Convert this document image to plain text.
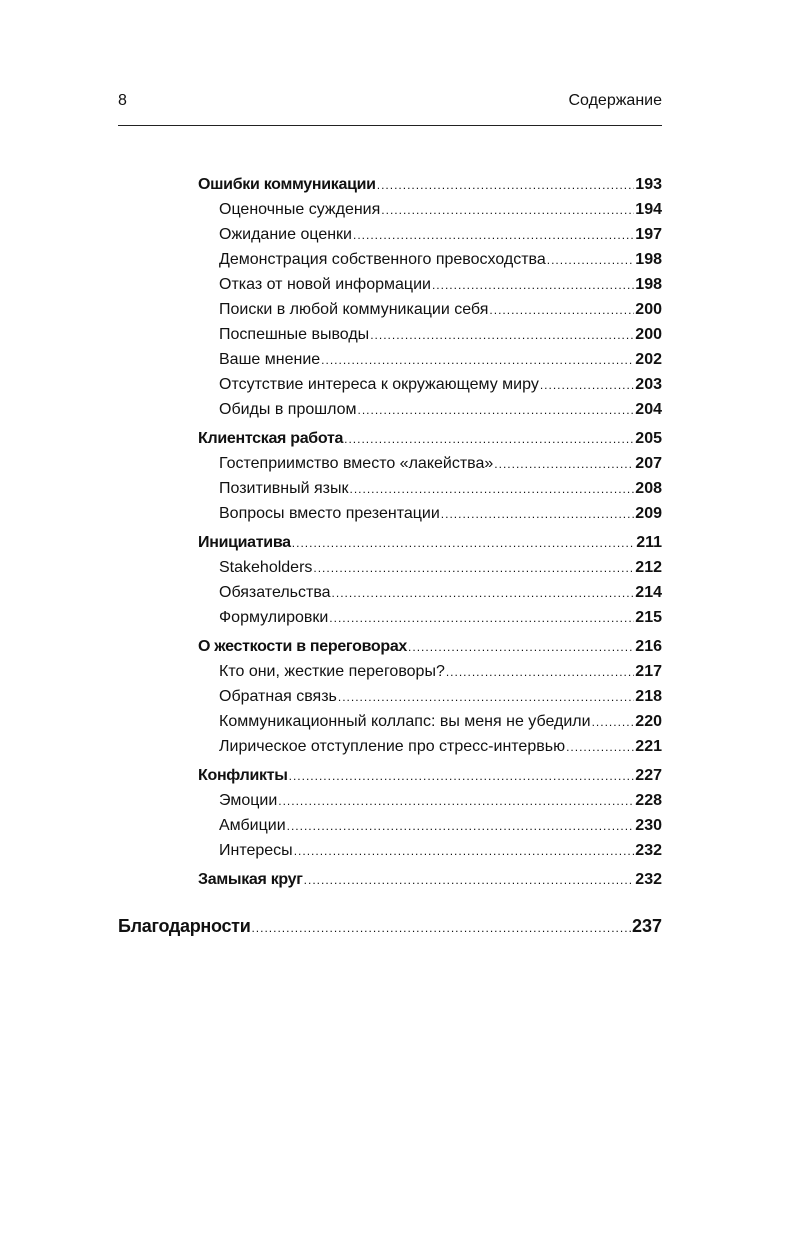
8	Содержание
Ошибки коммуникации .....	193
Оценочные суждения .....	194
Ожидание оценки .....	197
Демонстрация собственного превосходства .....	198
Отказ от новой информации .....	198
Поиски в любой коммуникации себя .....	200
Поспешные выводы .....	200
Ваше мнение .....	202
Отсутствие интереса к окружающему миру .....	203
Обиды в прошлом .....	204
Клиентская работа .....	205
Гостеприимство вместо «лакейства» .....	207
Позитивный язык .....	208
Вопросы вместо презентации .....	209
Инициатива .....	211
Stakeholders .....	212
Обязательства .....	214
Формулировки .....	215
О жесткости в переговорах .....	216
Кто они, жесткие переговоры? .....	217
Обратная связь .....	218
Коммуникационный коллапс: вы меня не убедили .....	220
Лирическое отступление про стресс-интервью .....	221
Конфликты .....	227
Эмоции .....	228
Амбиции .....	230
Интересы .....	232
Замыкая круг .....	232
Благодарности .....	237
